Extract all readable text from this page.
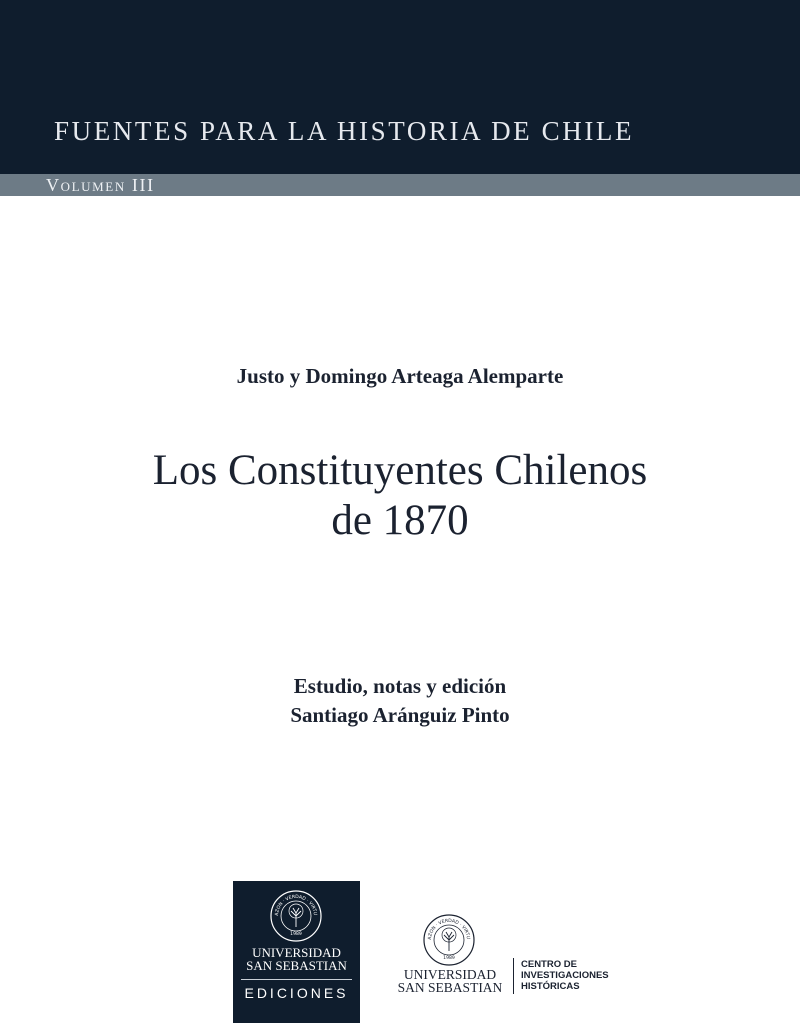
FUENTES PARA LA HISTORIA DE CHILE
Volumen III
Justo y Domingo Arteaga Alemparte
Los Constituyentes Chilenos
de 1870
Estudio, notas y edición
Santiago Aránguiz Pinto
AZON · VERDAD · VIRTU
1989
UNIVERSIDAD
SAN SEBASTIAN
EDICIONES
AZON · VERDAD · VIRTU
1989
UNIVERSIDAD
SAN SEBASTIAN
CENTRO DE
INVESTIGACIONES
HISTÓRICAS
